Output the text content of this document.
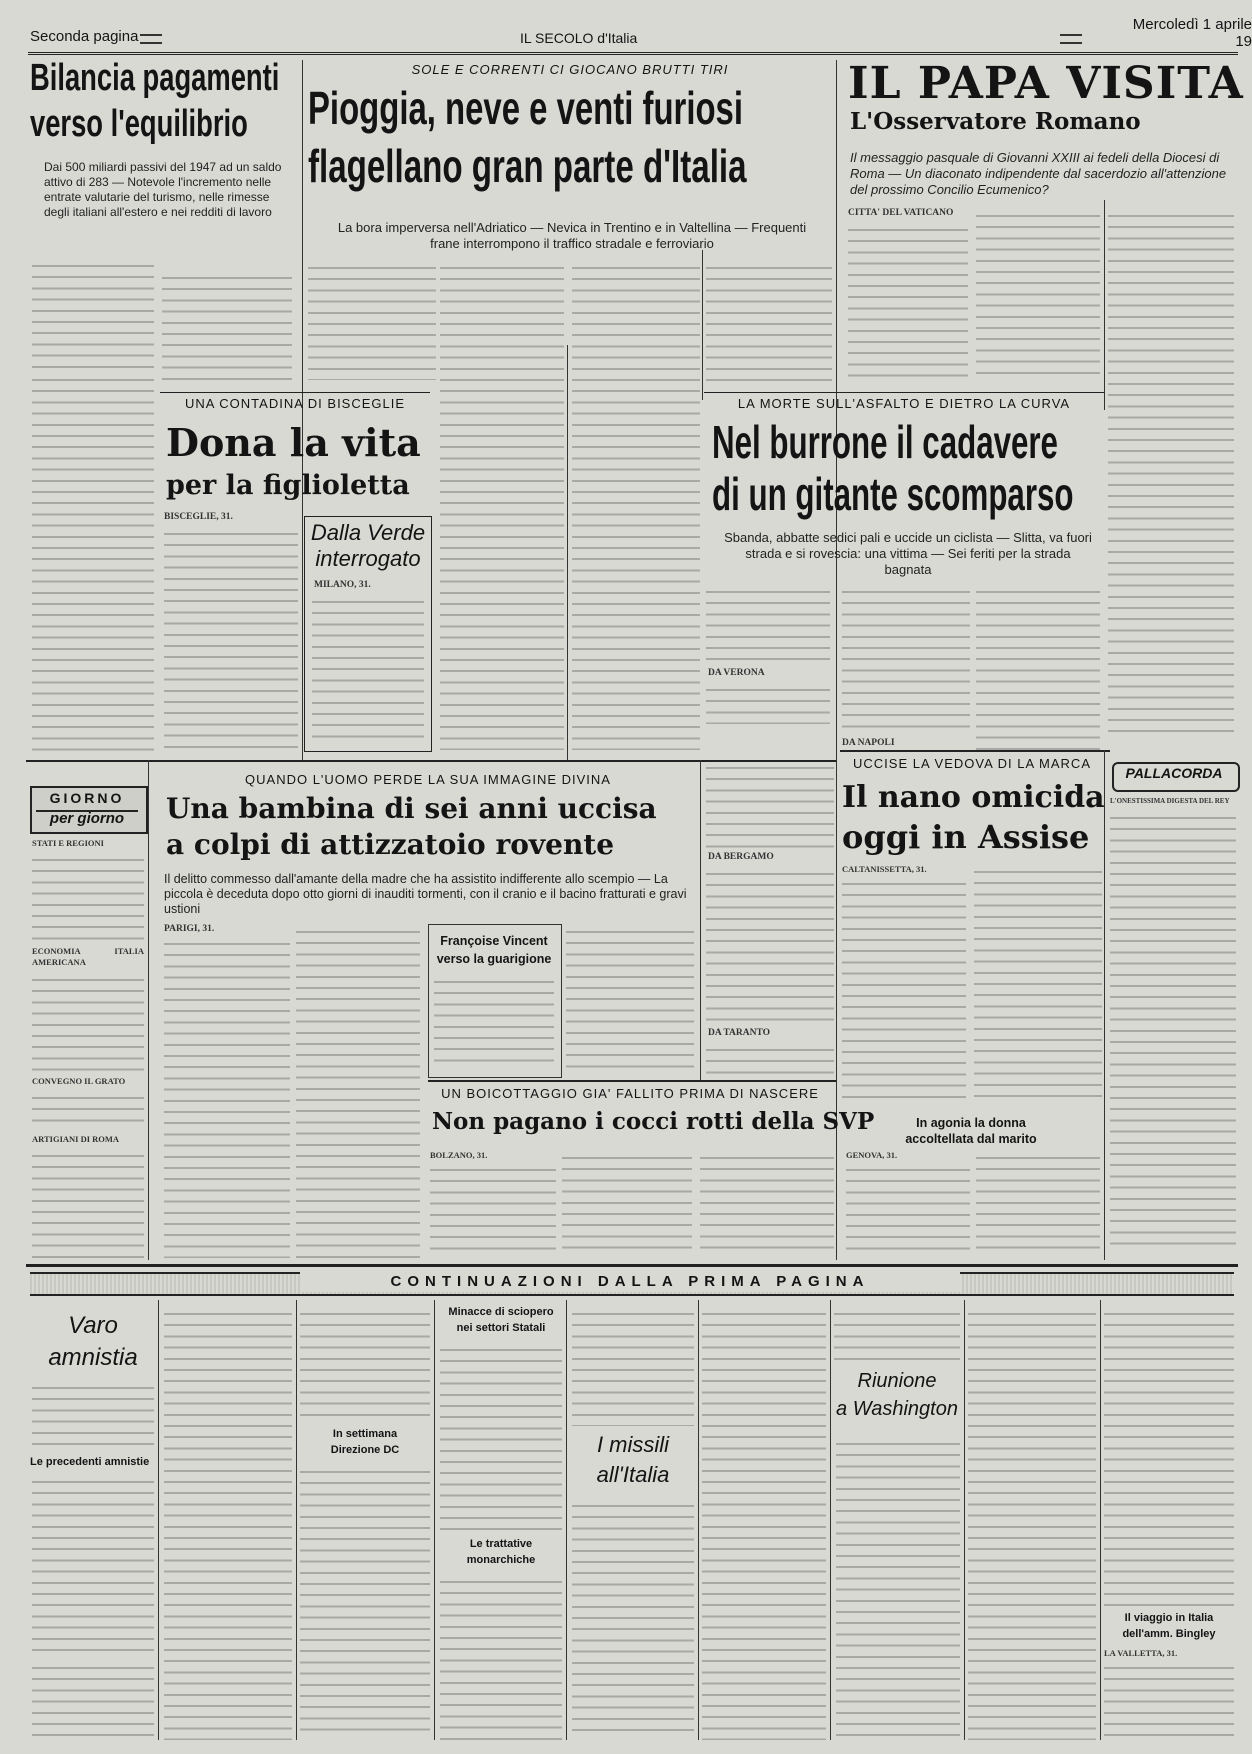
Seconda pagina	IL SECOLO d'Italia
Mercoledì 1 aprile 19
Bilancia pagamenti
verso l'equilibrio
Dai 500 miliardi passivi del 1947 ad un saldo attivo di 283 — Notevole l'incremento nelle entrate valutarie del turismo, nelle rimesse degli italiani all'estero e nei redditi di lavoro
SOLE E CORRENTI CI GIOCANO BRUTTI TIRI
Pioggia, neve e venti furiosi
flagellano gran parte d'Italia
La bora imperversa nell'Adriatico — Nevica in Trentino e in Valtellina — Frequenti frane interrompono il traffico stradale e ferroviario
IL PAPA VISITA
L'Osservatore Romano
Il messaggio pasquale di Giovanni XXIII ai fedeli della Diocesi di Roma — Un diaconato indipendente dal sacerdozio all'attenzione del prossimo Concilio Ecumenico?
CITTA' DEL VATICANO
UNA CONTADINA DI BISCEGLIE
Dona la vita
per la figlioletta
BISCEGLIE, 31.
Dalla Verde
interrogato
MILANO, 31.
LA MORTE SULL'ASFALTO E DIETRO LA CURVA
Nel burrone il cadavere
di un gitante scomparso
Sbanda, abbatte sedici pali e uccide un ciclista — Slitta, va fuori strada e si rovescia: una vittima — Sei feriti per la strada bagnata
DA VERONA
DA NAPOLI
DA BERGAMO
DA TARANTO
GIORNO
per giorno
STATI E REGIONI
ECONOMIA ITALIA AMERICANA
CONVEGNO IL GRATO
ARTIGIANI DI ROMA
QUANDO L'UOMO PERDE LA SUA IMMAGINE DIVINA
Una bambina di sei anni uccisa
a colpi di attizzatoio rovente
Il delitto commesso dall'amante della madre che ha assistito indifferente allo scempio — La piccola è deceduta dopo otto giorni di inauditi tormenti, con il cranio e il bacino fratturati e gravi ustioni
PARIGI, 31.
Françoise Vincent
verso la guarigione
UCCISE LA VEDOVA DI LA MARCA
Il nano omicida
oggi in Assise
CALTANISSETTA, 31.
PALLACORDA
L'ONESTISSIMA DIGESTA DEL REY
UN BOICOTTAGGIO GIA' FALLITO PRIMA DI NASCERE
Non pagano i cocci rotti della SVP
BOLZANO, 31.
In agonia la donna
accoltellata dal marito
GENOVA, 31.
CONTINUAZIONI DALLA PRIMA PAGINA
Varo
amnistia
Le precedenti amnistie
In settimana
Direzione DC
Minacce di sciopero
nei settori Statali
Le trattative
monarchiche
I missili
all'Italia
Riunione
a Washington
Il viaggio in Italia
dell'amm. Bingley
LA VALLETTA, 31.
